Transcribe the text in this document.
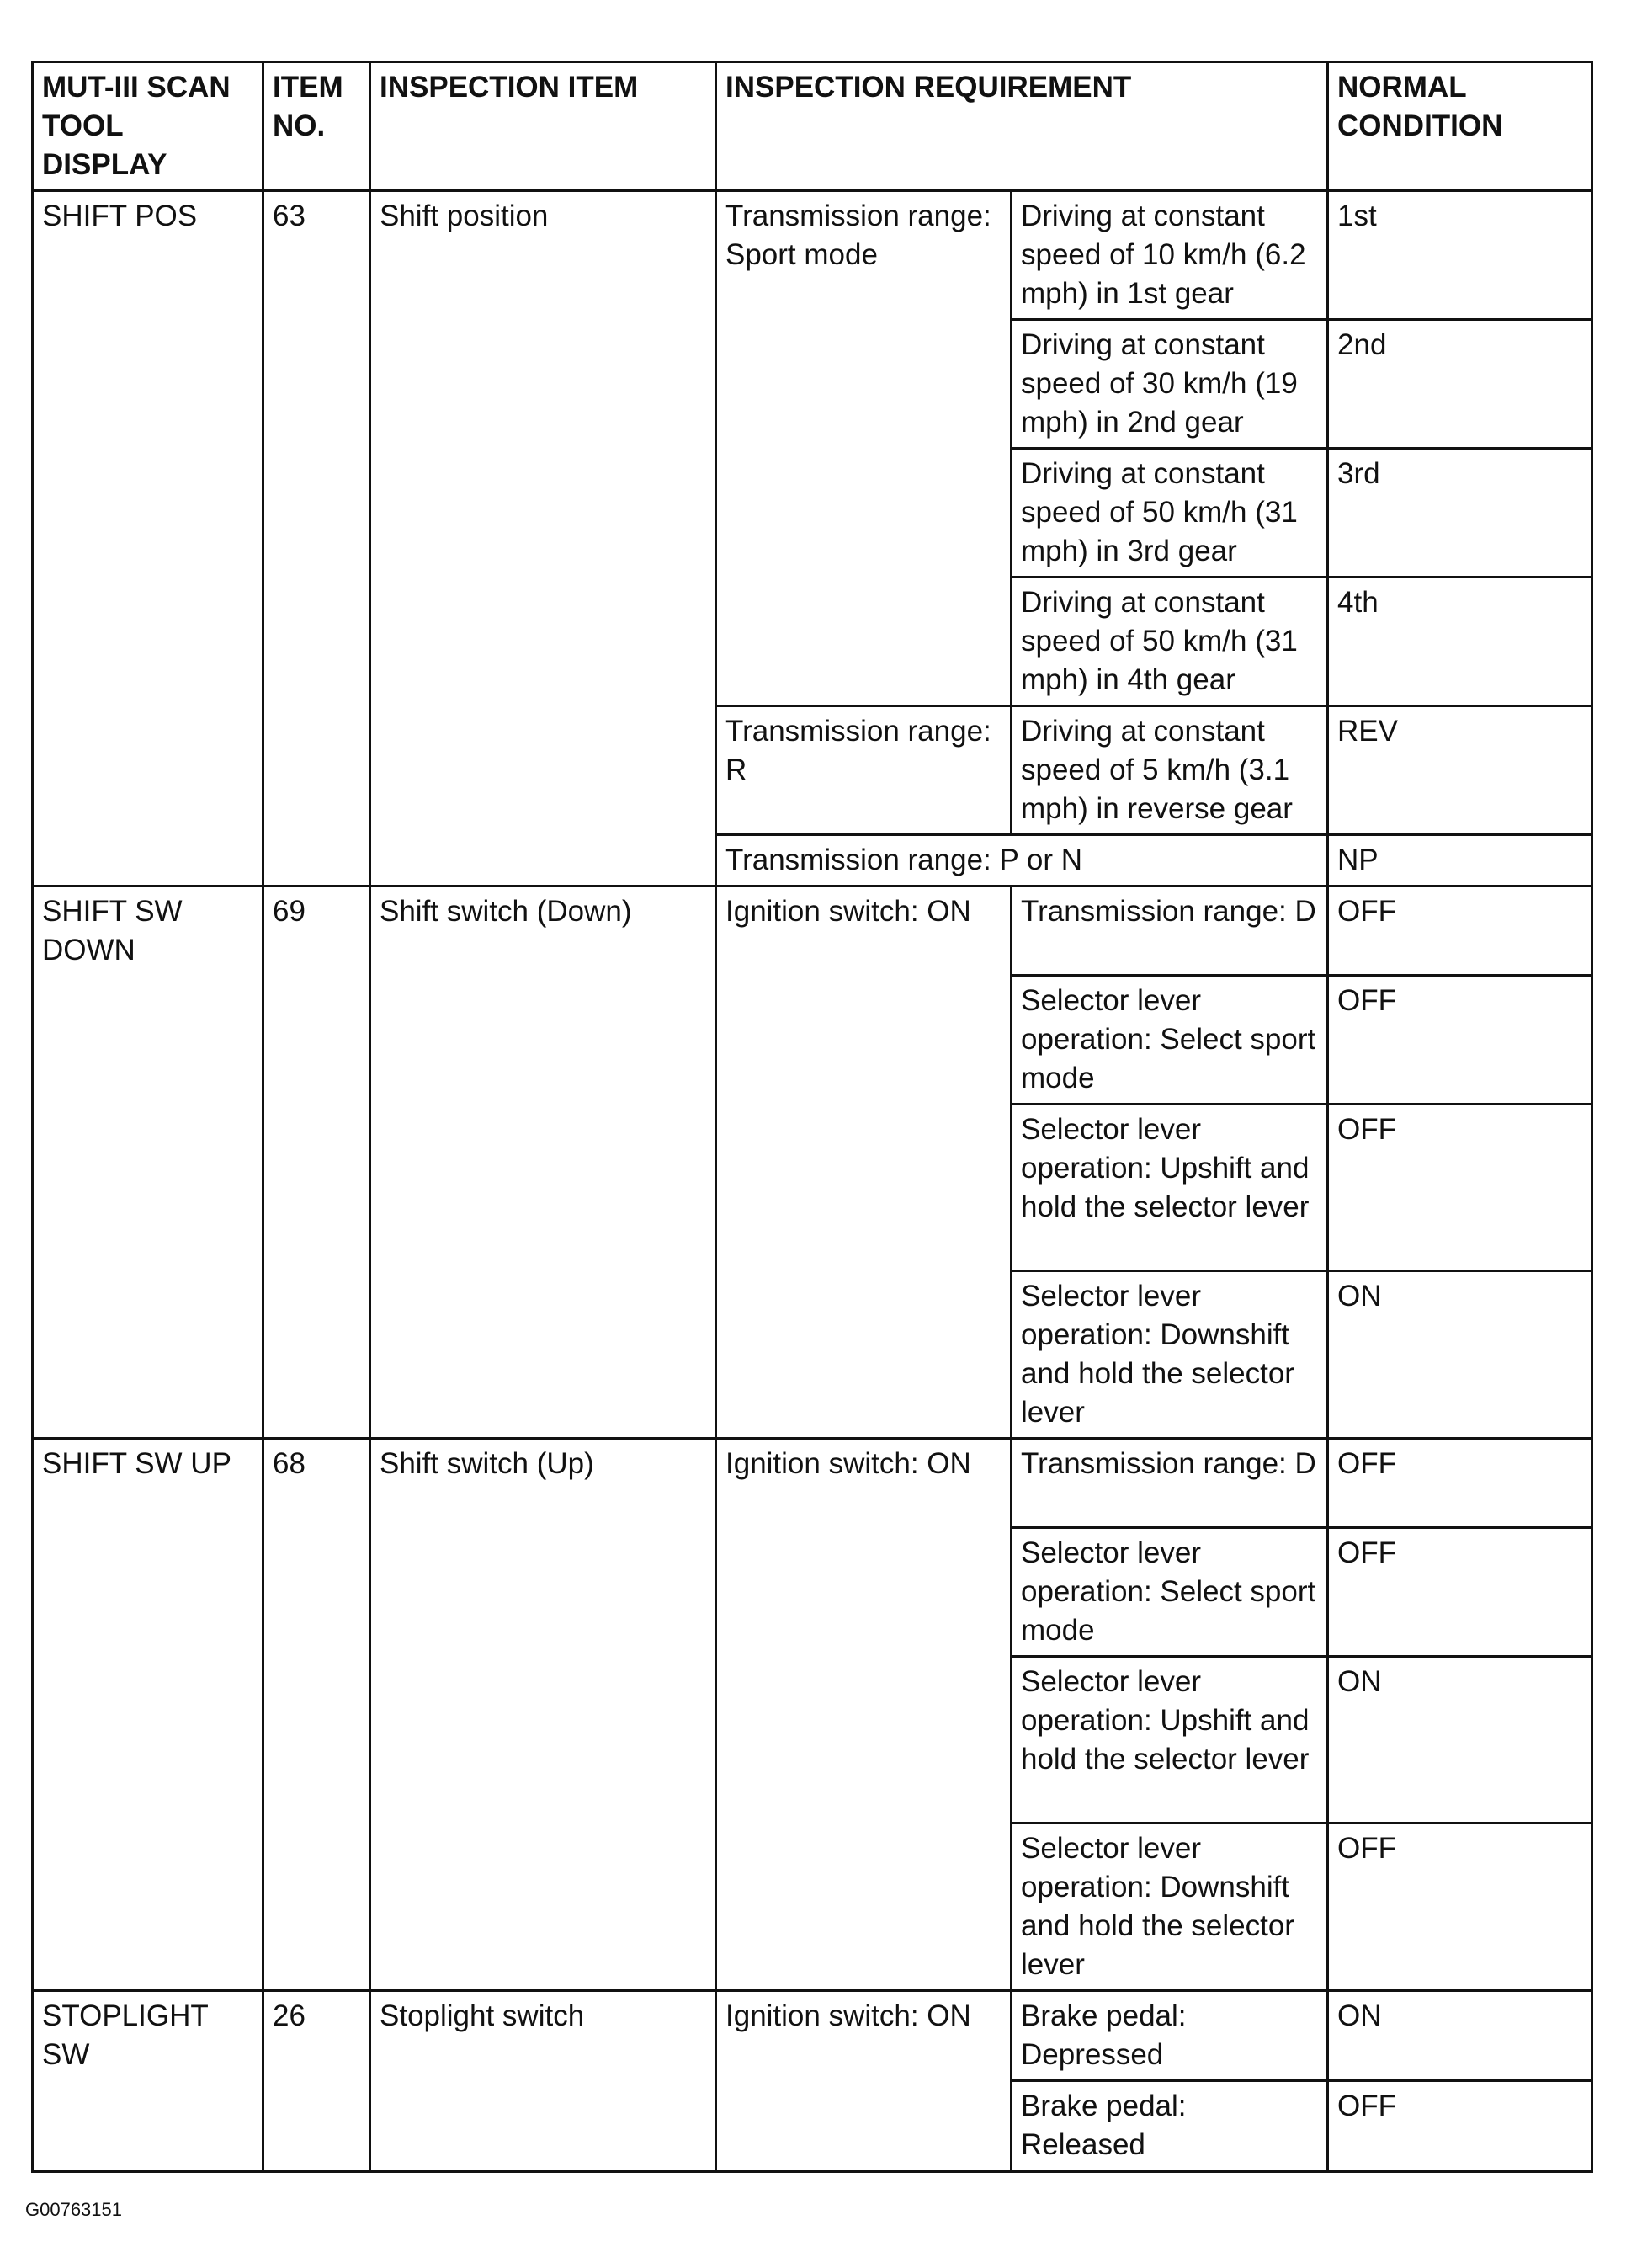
MUT-III SCAN TOOL DISPLAY	ITEM NO.	INSPECTION ITEM	INSPECTION REQUIREMENT		NORMAL CONDITION
SHIFT POS	63	Shift position	Transmission range: Sport mode	Driving at constant speed of 10 km/h (6.2 mph) in 1st gear	1st
				Driving at constant speed of 30 km/h (19 mph) in 2nd gear	2nd
				Driving at constant speed of 50 km/h (31 mph) in 3rd gear	3rd
				Driving at constant speed of 50 km/h (31 mph) in 4th gear	4th
			Transmission range: R	Driving at constant speed of 5 km/h (3.1 mph) in reverse gear	REV
			Transmission range: P or N		NP
SHIFT SW DOWN	69	Shift switch (Down)	Ignition switch: ON	Transmission range: D	OFF
				Selector lever operation: Select sport mode	OFF
				Selector lever operation: Upshift and hold the selector lever	OFF
				Selector lever operation: Downshift and hold the selector lever	ON
SHIFT SW UP	68	Shift switch (Up)	Ignition switch: ON	Transmission range: D	OFF
				Selector lever operation: Select sport mode	OFF
				Selector lever operation: Upshift and hold the selector lever	ON
				Selector lever operation: Downshift and hold the selector lever	OFF
STOPLIGHT SW	26	Stoplight switch	Ignition switch: ON	Brake pedal: Depressed	ON
				Brake pedal: Released	OFF
G00763151
